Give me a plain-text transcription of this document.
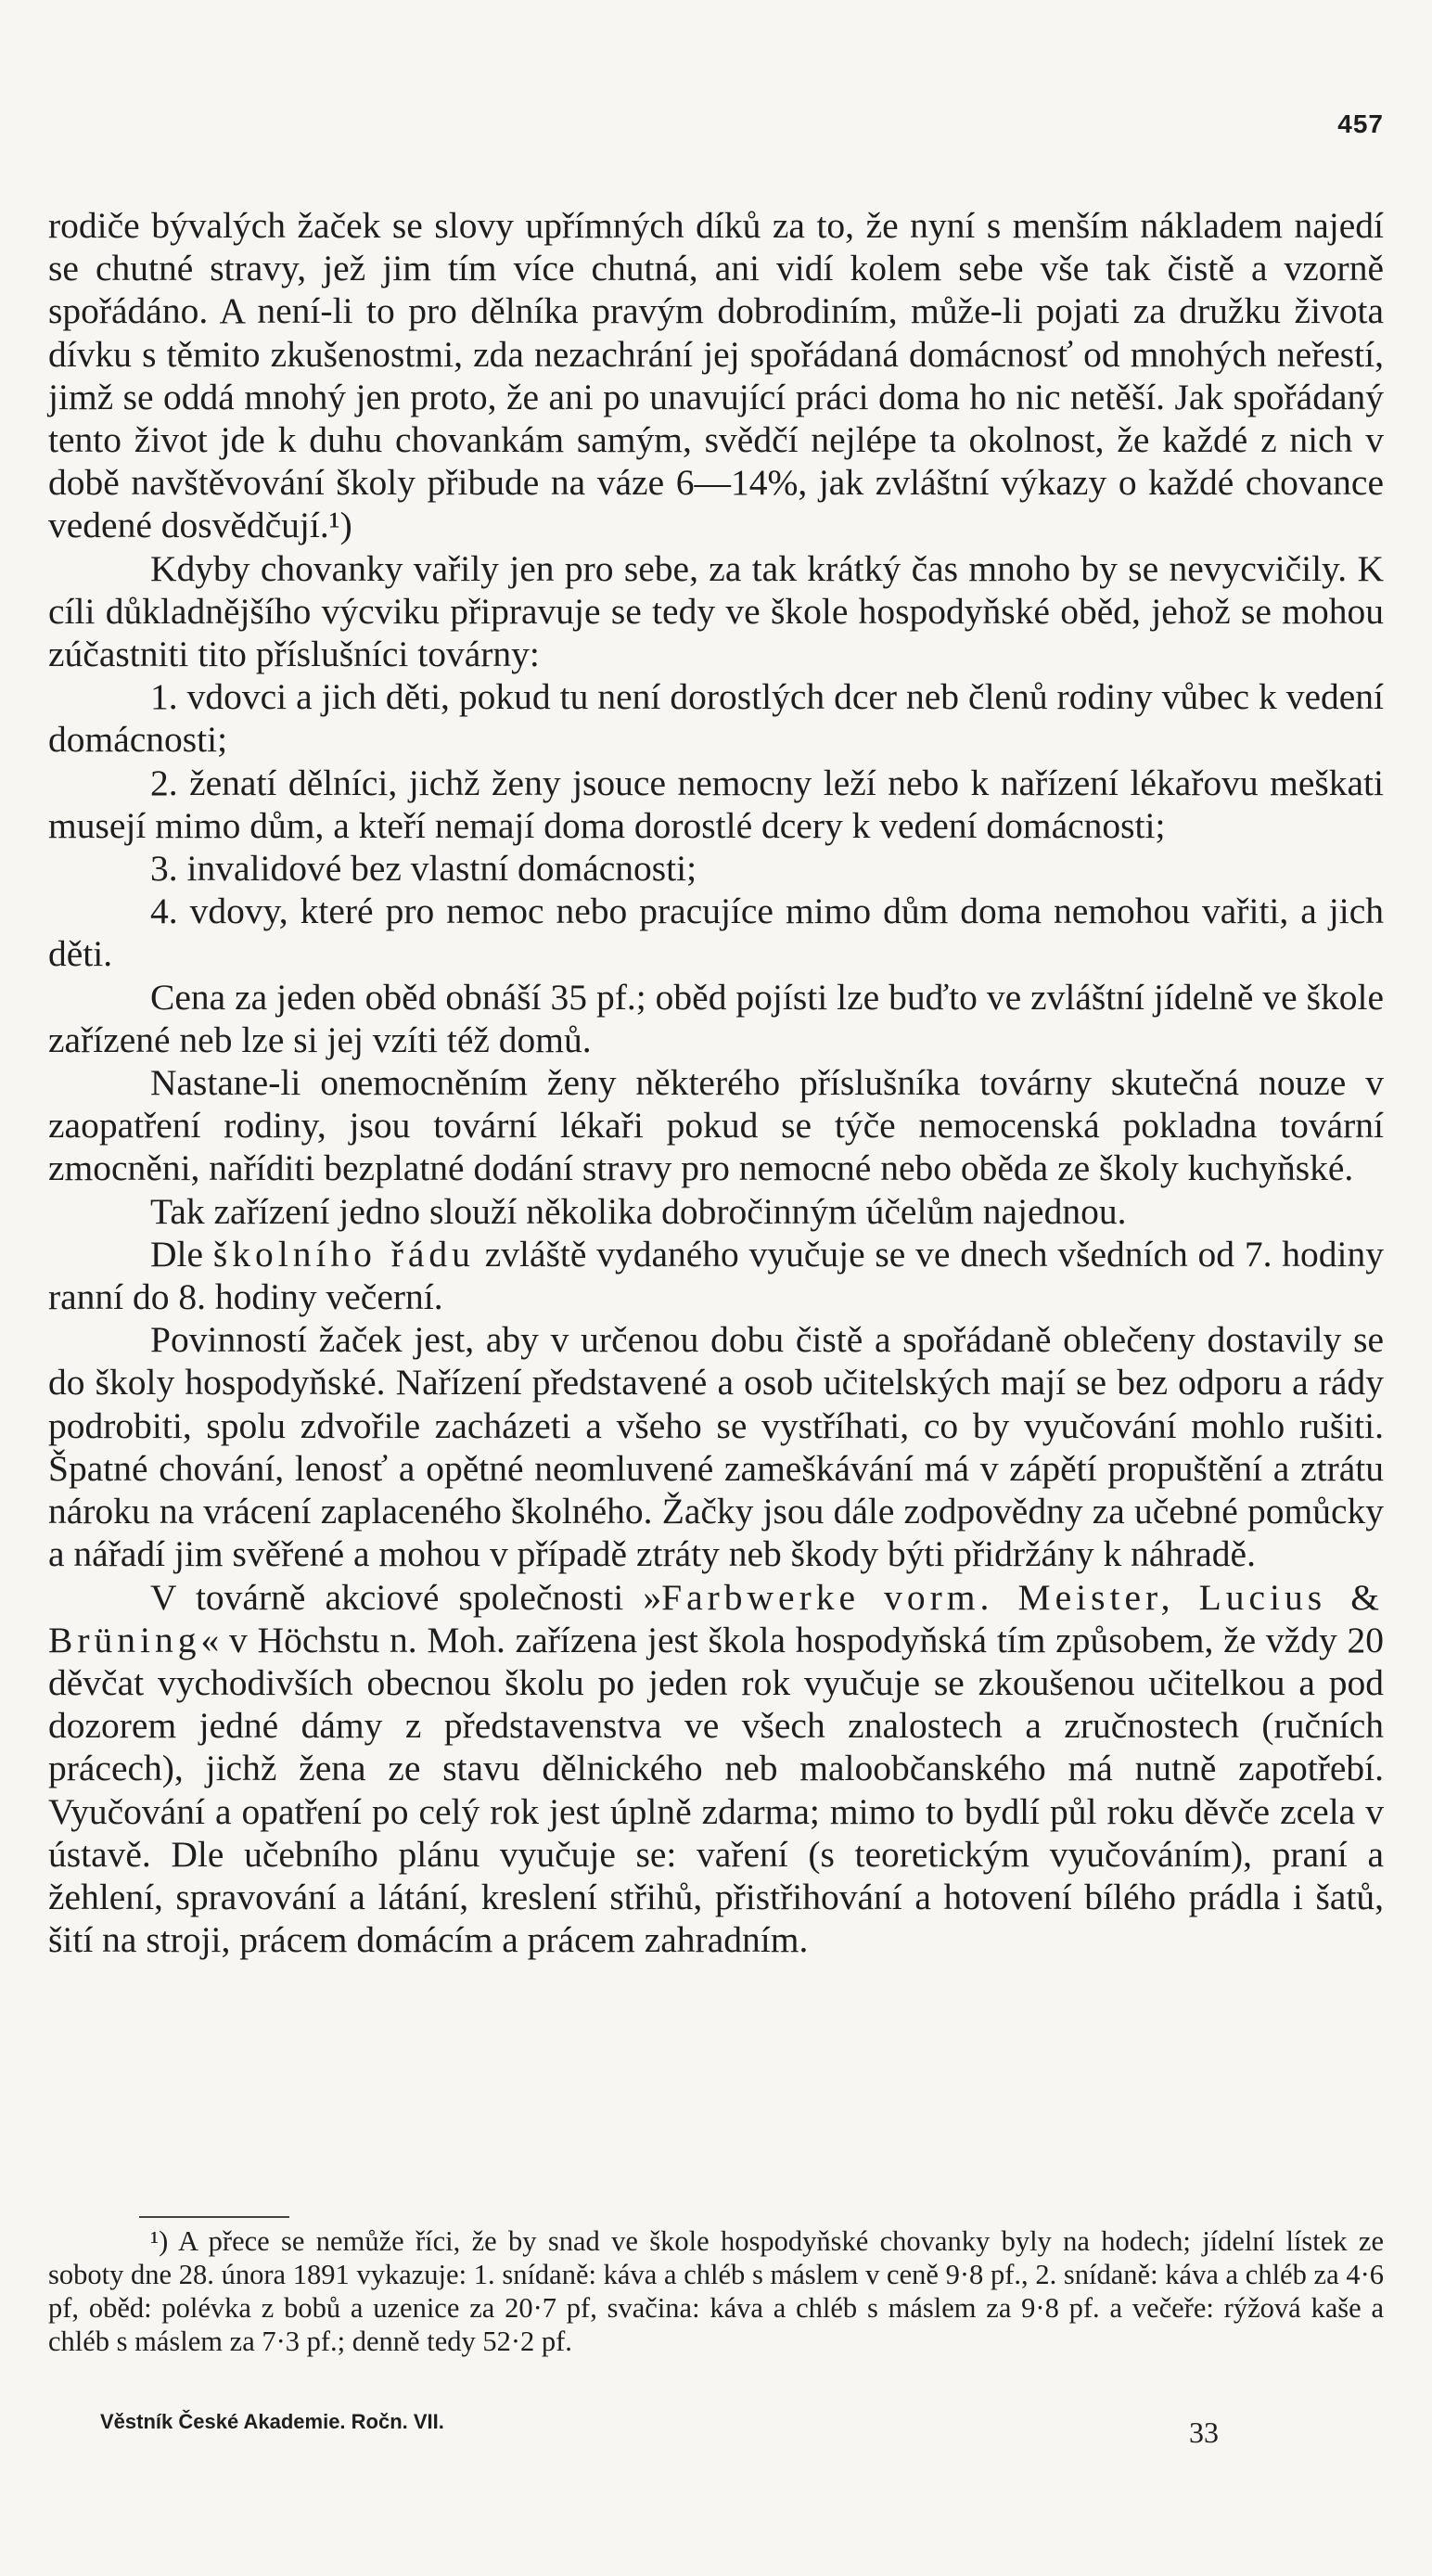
457

rodiče bývalých žaček se slovy upřímných díků za to, že nyní s menším nákladem najedí se chutné stravy, jež jim tím více chutná, ani vidí kolem sebe vše tak čistě a vzorně spořádáno. A není-li to pro dělníka pravým dobrodiním, může-li pojati za družku života dívku s těmito zkušenostmi, zda nezachrání jej spořádaná domácnosť od mnohých neřestí, jimž se oddá mnohý jen proto, že ani po unavující práci doma ho nic netěší. Jak spořádaný tento život jde k duhu chovankám samým, svědčí nejlépe ta okolnost, že každé z nich v době navštěvování školy přibude na váze 6—14%, jak zvláštní výkazy o každé chovance vedené dosvědčují.¹)

Kdyby chovanky vařily jen pro sebe, za tak krátký čas mnoho by se nevycvičily. K cíli důkladnějšího výcviku připravuje se tedy ve škole hospodyňské oběd, jehož se mohou zúčastniti tito příslušníci továrny:

1. vdovci a jich děti, pokud tu není dorostlých dcer neb členů rodiny vůbec k vedení domácnosti;

2. ženatí dělníci, jichž ženy jsouce nemocny leží nebo k nařízení lékařovu meškati musejí mimo dům, a kteří nemají doma dorostlé dcery k vedení domácnosti;

3. invalidové bez vlastní domácnosti;

4. vdovy, které pro nemoc nebo pracujíce mimo dům doma nemohou vařiti, a jich děti.

Cena za jeden oběd obnáší 35 pf.; oběd pojísti lze buďto ve zvláštní jídelně ve škole zařízené neb lze si jej vzíti též domů.

Nastane-li onemocněním ženy některého příslušníka továrny skutečná nouze v zaopatření rodiny, jsou tovární lékaři pokud se týče nemocenská pokladna tovární zmocněni, naříditi bezplatné dodání stravy pro nemocné nebo oběda ze školy kuchyňské.

Tak zařízení jedno slouží několika dobročinným účelům najednou.

Dle školního řádu zvláště vydaného vyučuje se ve dnech všedních od 7. hodiny ranní do 8. hodiny večerní.

Povinností žaček jest, aby v určenou dobu čistě a spořádaně oblečeny dostavily se do školy hospodyňské. Nařízení představené a osob učitelských mají se bez odporu a rády podrobiti, spolu zdvořile zacházeti a všeho se vystříhati, co by vyučování mohlo rušiti. Špatné chování, lenosť a opětné neomluvené zameškávání má v zápětí propuštění a ztrátu nároku na vrácení zaplaceného školného. Žačky jsou dále zodpovědny za učebné pomůcky a nářadí jim svěřené a mohou v případě ztráty neb škody býti přidržány k náhradě.

V továrně akciové společnosti »Farbwerke vorm. Meister, Lucius & Brüning« v Höchstu n. Moh. zařízena jest škola hospodyňská tím způsobem, že vždy 20 děvčat vychodivších obecnou školu po jeden rok vyučuje se zkoušenou učitelkou a pod dozorem jedné dámy z představenstva ve všech znalostech a zručnostech (ručních prácech), jichž žena ze stavu dělnického neb maloobčanského má nutně zapotřebí. Vyučování a opatření po celý rok jest úplně zdarma; mimo to bydlí půl roku děvče zcela v ústavě. Dle učebního plánu vyučuje se: vaření (s teoretickým vyučováním), praní a žehlení, spravování a látání, kreslení střihů, přistřihování a hotovení bílého prádla i šatů, šití na stroji, prácem domácím a prácem zahradním.

¹) A přece se nemůže říci, že by snad ve škole hospodyňské chovanky byly na hodech; jídelní lístek ze soboty dne 28. února 1891 vykazuje: 1. snídaně: káva a chléb s máslem v ceně 9·8 pf., 2. snídaně: káva a chléb za 4·6 pf, oběd: polévka z bobů a uzenice za 20·7 pf, svačina: káva a chléb s máslem za 9·8 pf. a večeře: rýžová kaše a chléb s máslem za 7·3 pf.; denně tedy 52·2 pf.

Věstník České Akademie. Ročn. VII.	33
